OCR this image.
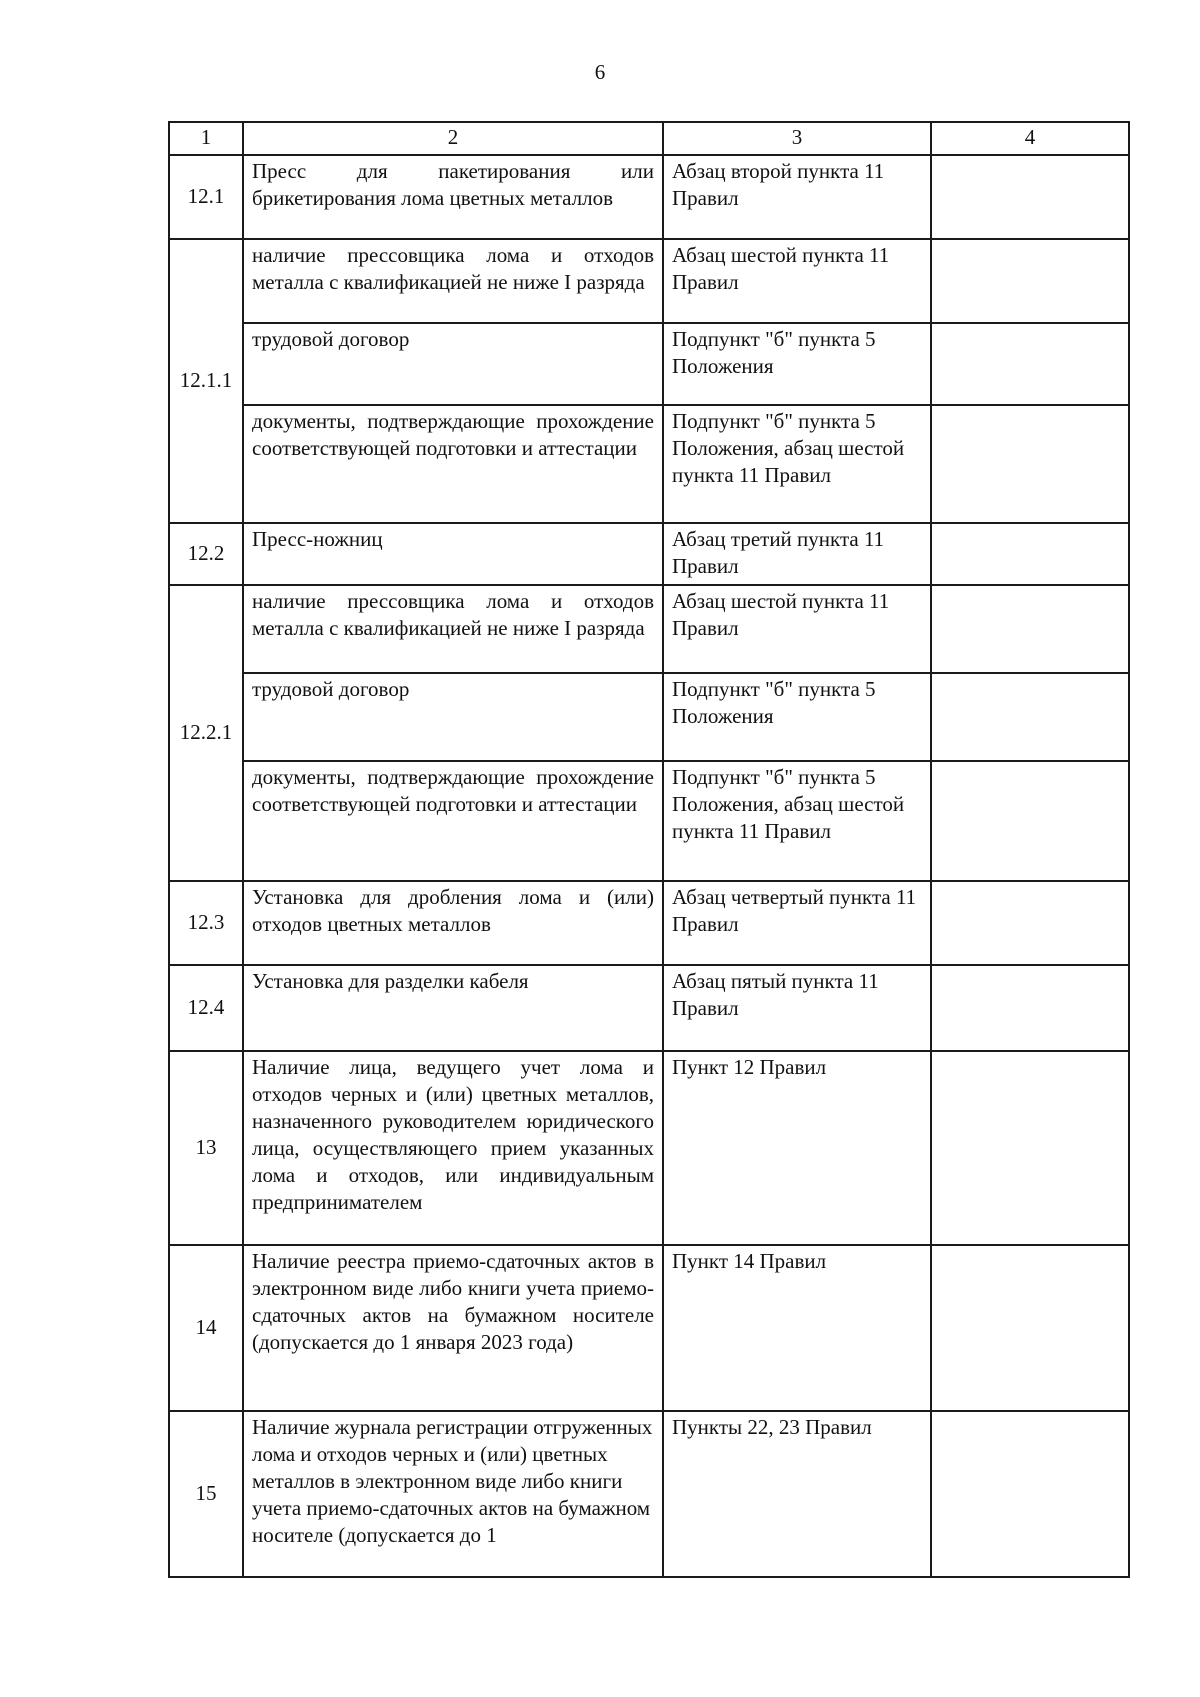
6
1	2	3	4
12.1	Пресс для пакетирования или брикетирования лома цветных металлов	Абзац второй пункта 11 Правил	
12.1.1	наличие прессовщика лома и отходов металла с квалификацией не ниже I разряда	Абзац шестой пункта 11 Правил	
	трудовой договор	Подпункт "б" пункта 5 Положения	
	документы, подтверждающие прохождение соответствующей подготовки и аттестации	Подпункт "б" пункта 5 Положения, абзац шестой пункта 11 Правил	
12.2	Пресс-ножниц	Абзац третий пункта 11 Правил	
12.2.1	наличие прессовщика лома и отходов металла с квалификацией не ниже I разряда	Абзац шестой пункта 11 Правил	
	трудовой договор	Подпункт "б" пункта 5 Положения	
	документы, подтверждающие прохождение соответствующей подготовки и аттестации	Подпункт "б" пункта 5 Положения, абзац шестой пункта 11 Правил	
12.3	Установка для дробления лома и (или) отходов цветных металлов	Абзац четвертый пункта 11 Правил	
12.4	Установка для разделки кабеля	Абзац пятый пункта 11 Правил	
13	Наличие лица, ведущего учет лома и отходов черных и (или) цветных металлов, назначенного руководителем юридического лица, осуществляющего прием указанных лома и отходов, или индивидуальным предпринимателем	Пункт 12 Правил	
14	Наличие реестра приемо-сдаточных актов в электронном виде либо книги учета приемо-сдаточных актов на бумажном носителе (допускается до 1 января 2023 года)	Пункт 14 Правил	
15	Наличие журнала регистрации отгруженных лома и отходов черных и (или) цветных металлов в электронном виде либо книги учета приемо-сдаточных актов на бумажном носителе (допускается до 1	Пункты 22, 23 Правил	
